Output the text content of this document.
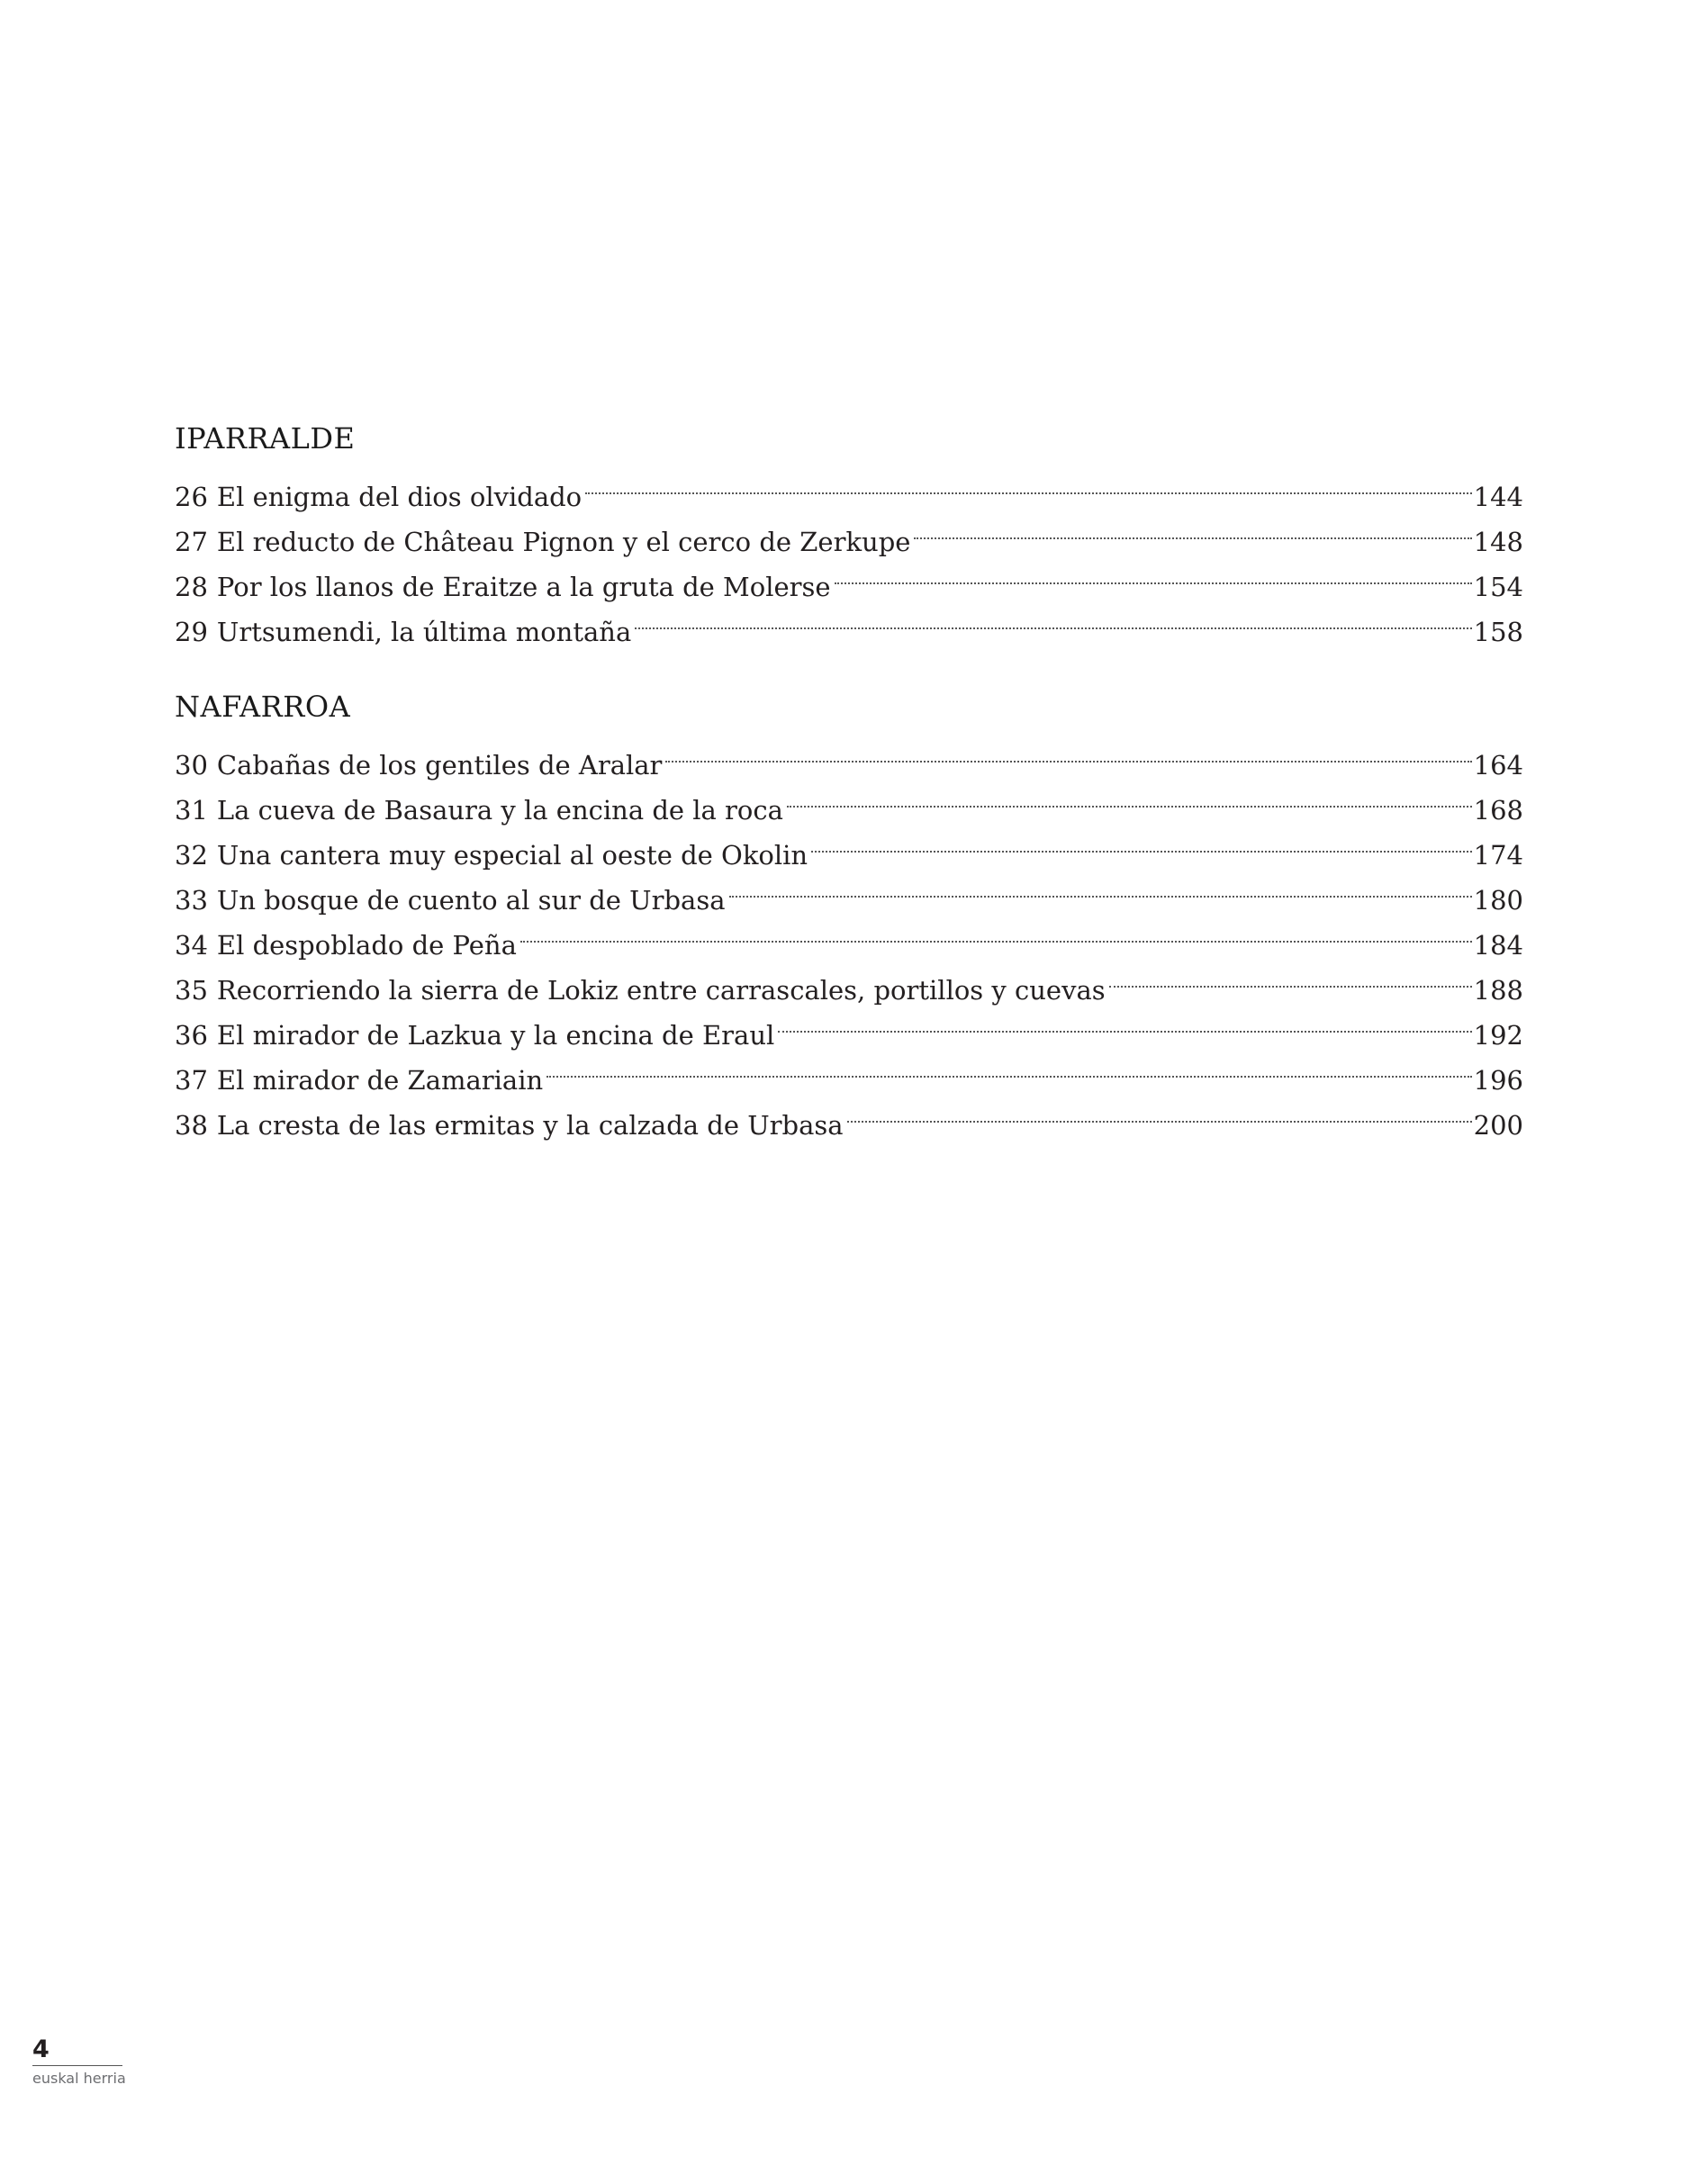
IPARRALDE
26 El enigma del dios olvidado	144
27 El reducto de Château Pignon y el cerco de Zerkupe	148
28 Por los llanos de Eraitze a la gruta de Molerse	154
29 Urtsumendi, la última montaña	158
NAFARROA
30 Cabañas de los gentiles de Aralar	164
31 La cueva de Basaura y la encina de la roca	168
32 Una cantera muy especial al oeste de Okolin	174
33 Un bosque de cuento al sur de Urbasa	180
34 El despoblado de Peña	184
35 Recorriendo la sierra de Lokiz entre carrascales, portillos y cuevas	188
36 El mirador de Lazkua y la encina de Eraul	192
37 El mirador de Zamariain	196
38 La cresta de las ermitas y la calzada de Urbasa	200
4
euskal herria
